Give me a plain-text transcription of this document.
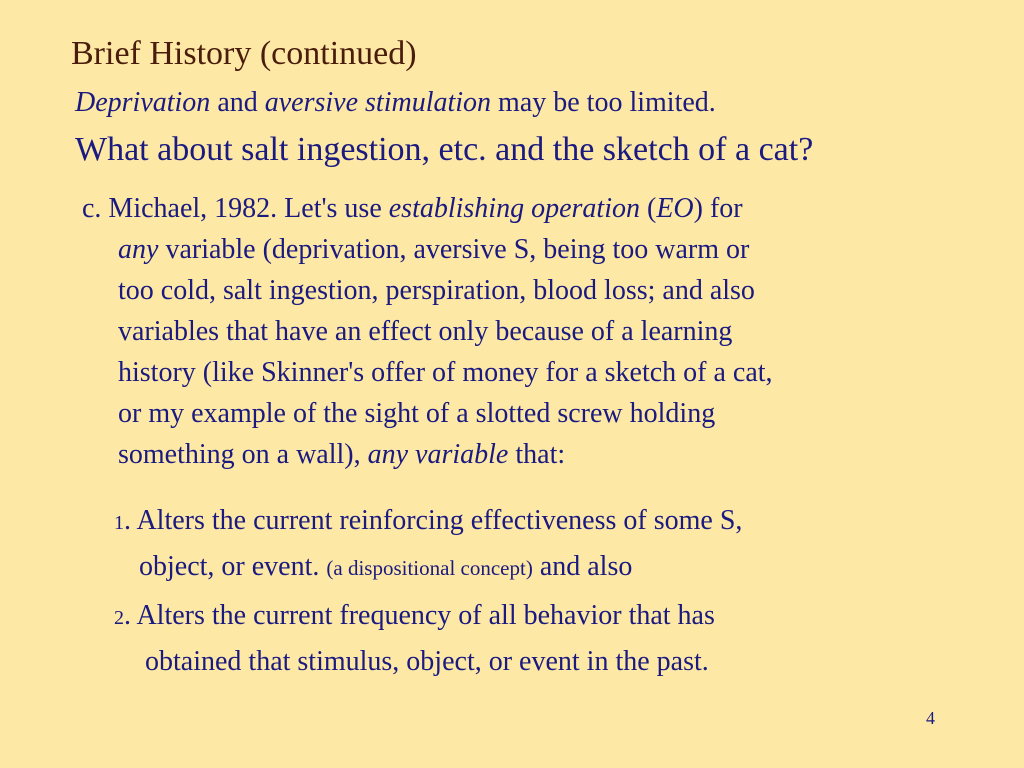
Brief History (continued)
Deprivation and aversive stimulation may be too limited.
What about salt ingestion, etc. and the sketch of a cat?
c. Michael, 1982. Let's use establishing operation (EO) for
any variable (deprivation, aversive S, being too warm or
too cold, salt ingestion, perspiration, blood loss; and also
variables that have an effect only because of a learning
history (like Skinner's offer of money for a sketch of a cat,
or my example of the sight of a slotted screw holding
something on a wall), any variable that:
1. Alters the current reinforcing effectiveness of some S,
object, or event. (a dispositional concept) and also
2. Alters the current frequency of all behavior that has
obtained that stimulus, object, or event in the past.
4
